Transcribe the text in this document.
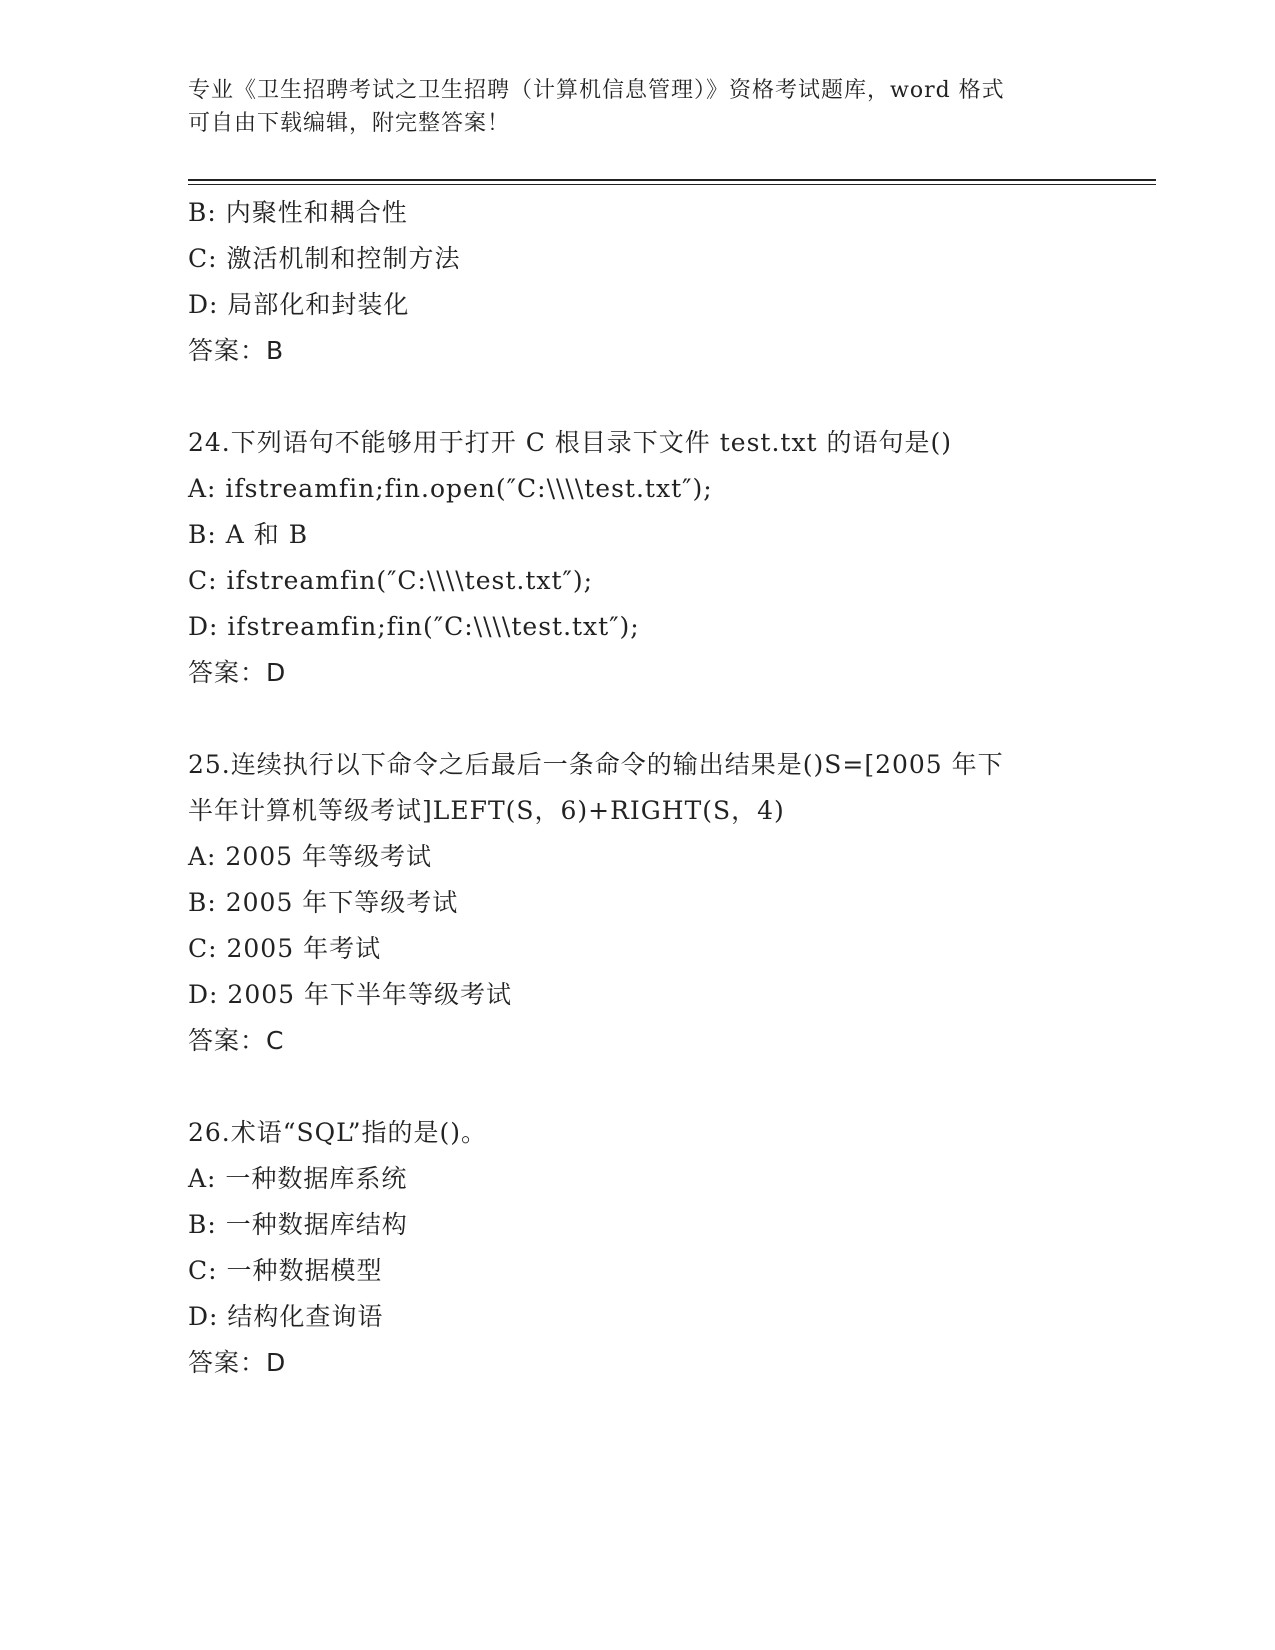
专业《卫生招聘考试之卫生招聘（计算机信息管理）》资格考试题库，word 格式
可自由下载编辑，附完整答案！
B: 内聚性和耦合性
C: 激活机制和控制方法
D: 局部化和封装化
答案：B
24.下列语句不能够用于打开 C 根目录下文件 test.txt 的语句是()
A: ifstreamfin;fin.open(″C:\\\\test.txt″);
B: A 和 B
C: ifstreamfin(″C:\\\\test.txt″);
D: ifstreamfin;fin(″C:\\\\test.txt″);
答案：D
25.连续执行以下命令之后最后一条命令的输出结果是()S=[2005 年下
半年计算机等级考试]LEFT(S，6)+RIGHT(S，4)
A: 2005 年等级考试
B: 2005 年下等级考试
C: 2005 年考试
D: 2005 年下半年等级考试
答案：C
26.术语“SQL”指的是()。
A: 一种数据库系统
B: 一种数据库结构
C: 一种数据模型
D: 结构化查询语
答案：D
